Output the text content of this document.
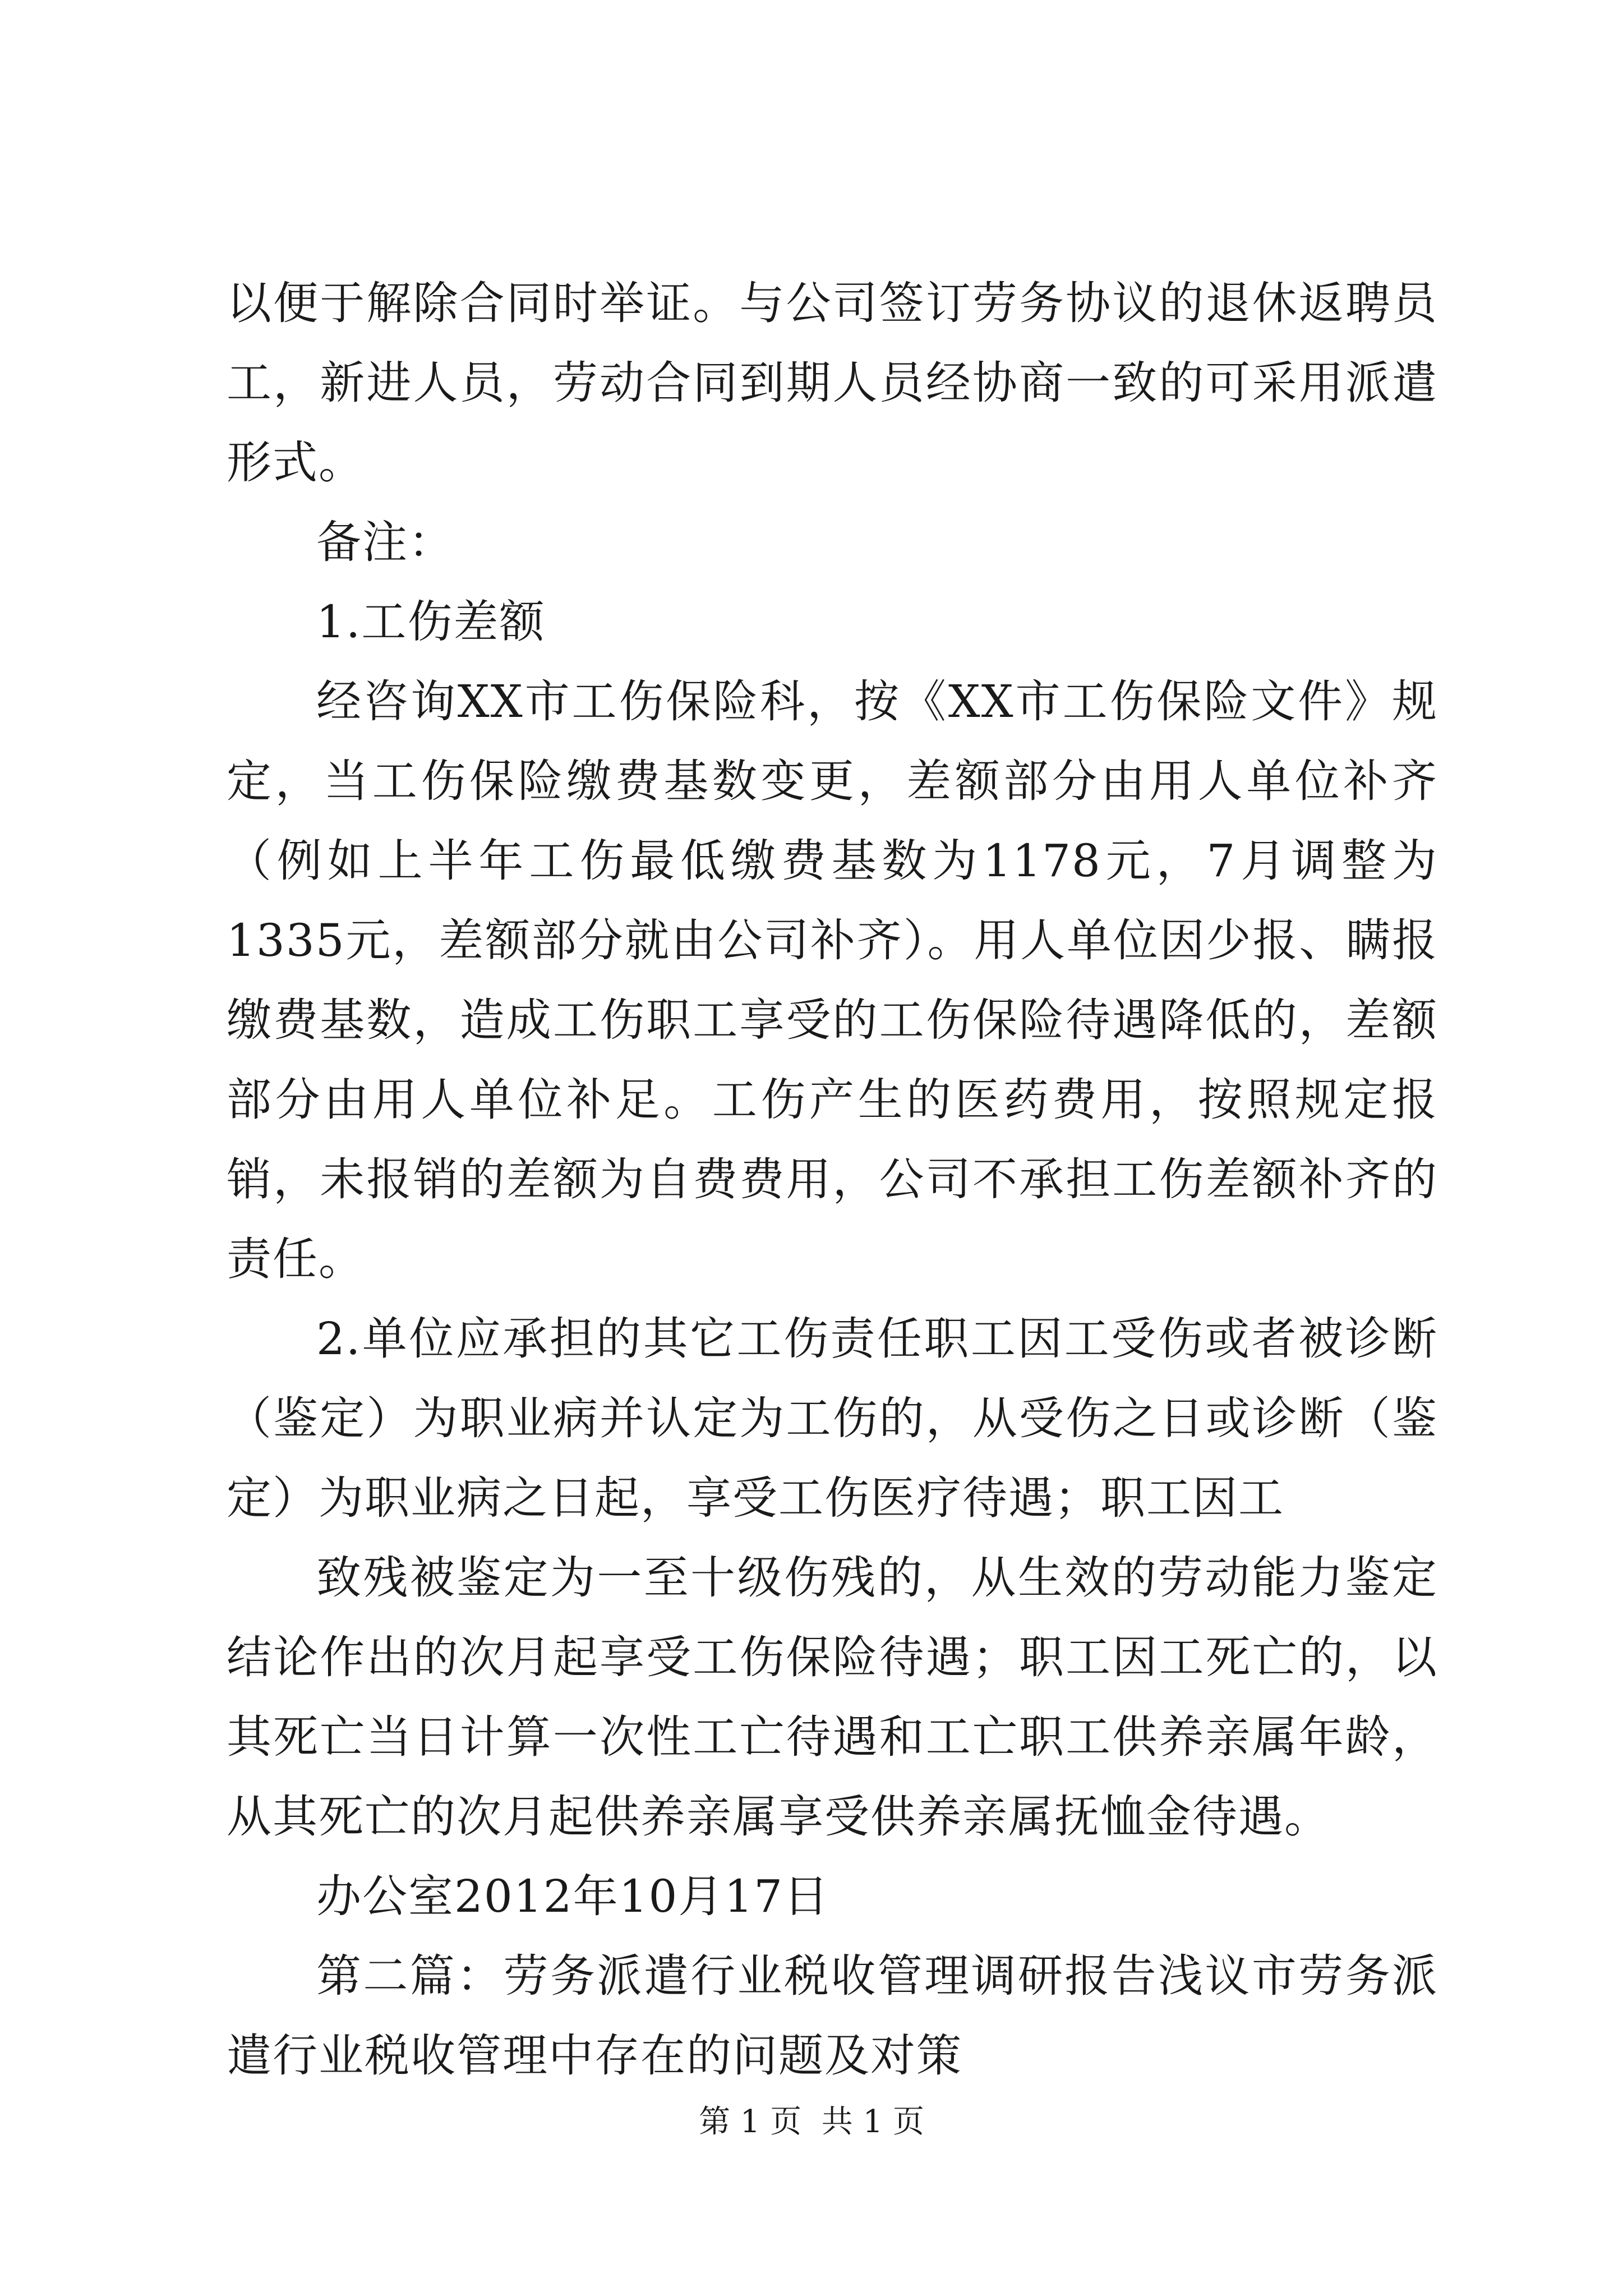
以便于解除合同时举证。与公司签订劳务协议的退休返聘员工，新进人员，劳动合同到期人员经协商一致的可采用派遣形式。

备注：

1.工伤差额

经咨询XX市工伤保险科，按《XX市工伤保险文件》规定，当工伤保险缴费基数变更，差额部分由用人单位补齐（例如上半年工伤最低缴费基数为1178元，7月调整为1335元，差额部分就由公司补齐）。用人单位因少报、瞒报缴费基数，造成工伤职工享受的工伤保险待遇降低的，差额部分由用人单位补足。工伤产生的医药费用，按照规定报销，未报销的差额为自费费用，公司不承担工伤差额补齐的责任。

2.单位应承担的其它工伤责任职工因工受伤或者被诊断（鉴定）为职业病并认定为工伤的，从受伤之日或诊断（鉴定）为职业病之日起，享受工伤医疗待遇；职工因工

致残被鉴定为一至十级伤残的，从生效的劳动能力鉴定结论作出的次月起享受工伤保险待遇；职工因工死亡的，以其死亡当日计算一次性工亡待遇和工亡职工供养亲属年龄，从其死亡的次月起供养亲属享受供养亲属抚恤金待遇。

办公室2012年10月17日

第二篇：劳务派遣行业税收管理调研报告浅议市劳务派遣行业税收管理中存在的问题及对策

第 1 页  共 1 页
